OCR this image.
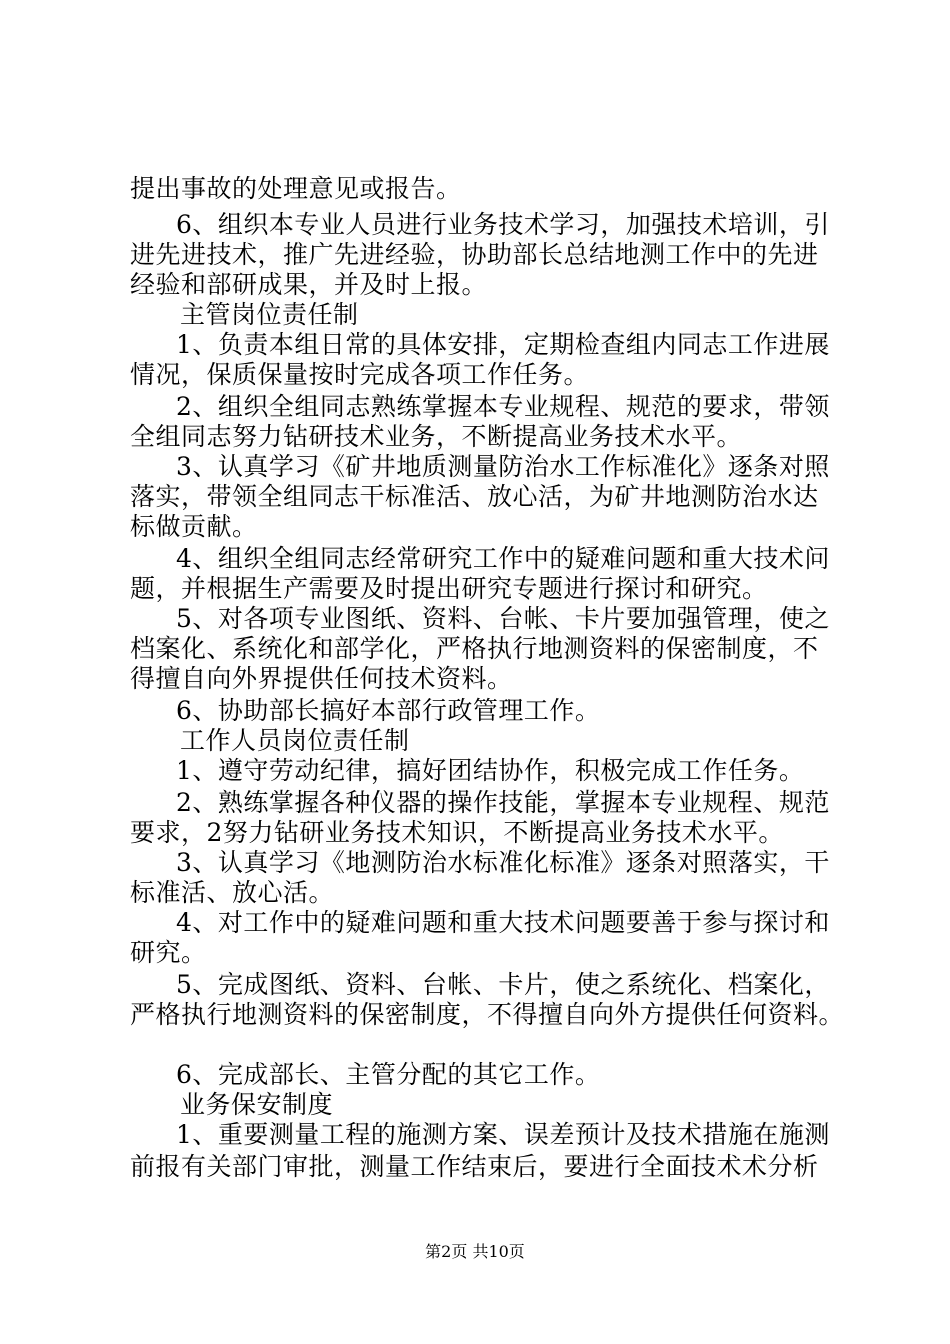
提出事故的处理意见或报告。
6、组织本专业人员进行业务技术学习，加强技术培训，引
进先进技术，推广先进经验，协助部长总结地测工作中的先进
经验和部研成果，并及时上报。
主管岗位责任制
1、负责本组日常的具体安排，定期检查组内同志工作进展
情况，保质保量按时完成各项工作任务。
2、组织全组同志熟练掌握本专业规程、规范的要求，带领
全组同志努力钻研技术业务，不断提高业务技术水平。
3、认真学习《矿井地质测量防治水工作标准化》逐条对照
落实，带领全组同志干标准活、放心活，为矿井地测防治水达
标做贡献。
4、组织全组同志经常研究工作中的疑难问题和重大技术问
题，并根据生产需要及时提出研究专题进行探讨和研究。
5、对各项专业图纸、资料、台帐、卡片要加强管理，使之
档案化、系统化和部学化，严格执行地测资料的保密制度，不
得擅自向外界提供任何技术资料。
6、协助部长搞好本部行政管理工作。
工作人员岗位责任制
1、遵守劳动纪律，搞好团结协作，积极完成工作任务。
2、熟练掌握各种仪器的操作技能，掌握本专业规程、规范
要求，2努力钻研业务技术知识，不断提高业务技术水平。
3、认真学习《地测防治水标准化标准》逐条对照落实，干
标准活、放心活。
4、对工作中的疑难问题和重大技术问题要善于参与探讨和
研究。
5、完成图纸、资料、台帐、卡片，使之系统化、档案化，
严格执行地测资料的保密制度，不得擅自向外方提供任何资料。
6、完成部长、主管分配的其它工作。
业务保安制度
1、重要测量工程的施测方案、误差预计及技术措施在施测
前报有关部门审批，测量工作结束后，要进行全面技术术分析
第2页 共10页
